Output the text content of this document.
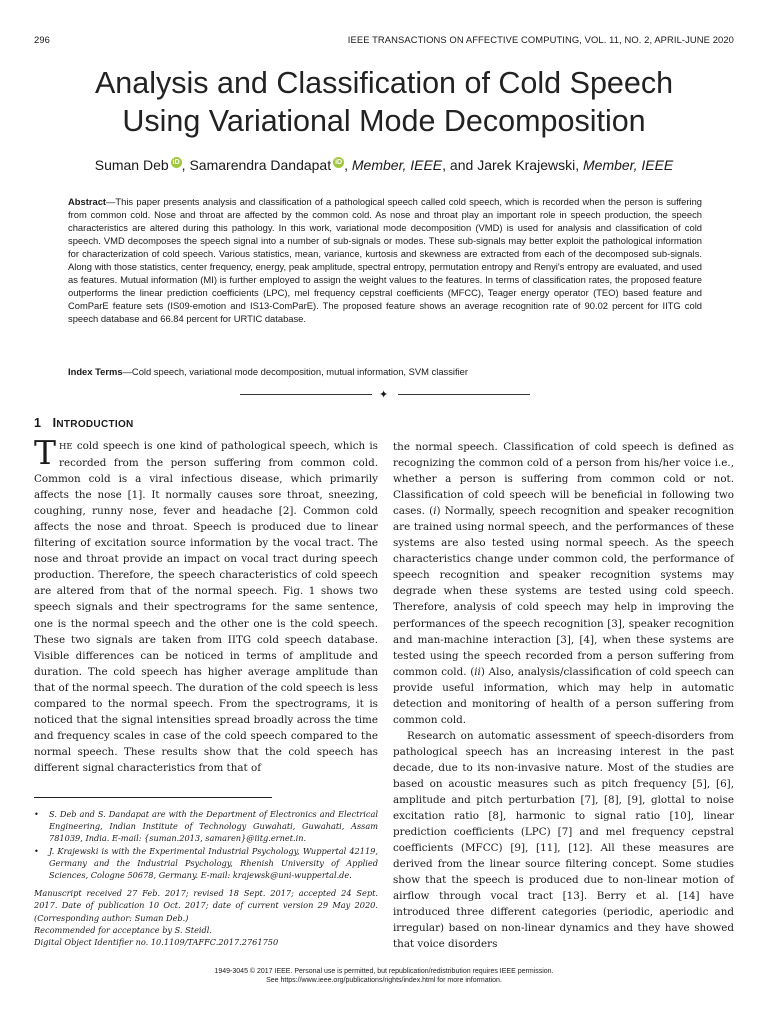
296	IEEE TRANSACTIONS ON AFFECTIVE COMPUTING, VOL. 11, NO. 2, APRIL-JUNE 2020
Analysis and Classification of Cold Speech
Using Variational Mode Decomposition
Suman Deb iD , Samarendra Dandapat iD , Member, IEEE, and Jarek Krajewski, Member, IEEE

Abstract—This paper presents analysis and classification of a pathological speech called cold speech, which is recorded when the person is suffering from common cold. Nose and throat are affected by the common cold. As nose and throat play an important role in speech production, the speech characteristics are altered during this pathology. In this work, variational mode decomposition (VMD) is used for analysis and classification of cold speech. VMD decomposes the speech signal into a number of sub-signals or modes. These sub-signals may better exploit the pathological information for characterization of cold speech. Various statistics, mean, variance, kurtosis and skewness are extracted from each of the decomposed sub-signals. Along with those statistics, center frequency, energy, peak amplitude, spectral entropy, permutation entropy and Renyi's entropy are evaluated, and used as features. Mutual information (MI) is further employed to assign the weight values to the features. In terms of classification rates, the proposed feature outperforms the linear prediction coefficients (LPC), mel frequency cepstral coefficients (MFCC), Teager energy operator (TEO) based feature and ComParE feature sets (IS09-emotion and IS13-ComParE). The proposed feature shows an average recognition rate of 90.02 percent for IITG cold speech database and 66.84 percent for URTIC database.

Index Terms—Cold speech, variational mode decomposition, mutual information, SVM classifier

✦
1 INTRODUCTION

THE cold speech is one kind of pathological speech, which is recorded from the person suffering from common cold. Common cold is a viral infectious disease, which primarily affects the nose [1]. It normally causes sore throat, sneezing, coughing, runny nose, fever and headache [2]. Common cold affects the nose and throat. Speech is produced due to linear filtering of excitation source information by the vocal tract. The nose and throat provide an impact on vocal tract during speech production. Therefore, the speech characteristics of cold speech are altered from that of the normal speech. Fig. 1 shows two speech signals and their spectrograms for the same sentence, one is the normal speech and the other one is the cold speech. These two signals are taken from IITG cold speech database. Visible differences can be noticed in terms of amplitude and duration. The cold speech has higher average amplitude than that of the normal speech. The duration of the cold speech is less compared to the normal speech. From the spectrograms, it is noticed that the signal intensities spread broadly across the time and frequency scales in case of the cold speech compared to the normal speech. These results show that the cold speech has different signal characteristics from that of

• S. Deb and S. Dandapat are with the Department of Electronics and Electrical Engineering, Indian Institute of Technology Guwahati, Guwahati, Assam 781039, India. E-mail: {suman.2013, samaren}@iitg.ernet.in.
• J. Krajewski is with the Experimental Industrial Psychology, Wuppertal 42119, Germany and the Industrial Psychology, Rhenish University of Applied Sciences, Cologne 50678, Germany. E-mail: krajewsk@uni-wuppertal.de.
Manuscript received 27 Feb. 2017; revised 18 Sept. 2017; accepted 24 Sept. 2017. Date of publication 10 Oct. 2017; date of current version 29 May 2020. (Corresponding author: Suman Deb.)
Recommended for acceptance by S. Steidl.
Digital Object Identifier no. 10.1109/TAFFC.2017.2761750

the normal speech. Classification of cold speech is defined as recognizing the common cold of a person from his/her voice i.e., whether a person is suffering from common cold or not. Classification of cold speech will be beneficial in following two cases. (i) Normally, speech recognition and speaker recognition are trained using normal speech, and the performances of these systems are also tested using normal speech. As the speech characteristics change under common cold, the performance of speech recognition and speaker recognition systems may degrade when these systems are tested using cold speech. Therefore, analysis of cold speech may help in improving the performances of the speech recognition [3], speaker recognition and man-machine interaction [3], [4], when these systems are tested using the speech recorded from a person suffering from common cold. (ii) Also, analysis/classification of cold speech can provide useful information, which may help in automatic detection and monitoring of health of a person suffering from common cold.
Research on automatic assessment of speech-disorders from pathological speech has an increasing interest in the past decade, due to its non-invasive nature. Most of the studies are based on acoustic measures such as pitch frequency [5], [6], amplitude and pitch perturbation [7], [8], [9], glottal to noise excitation ratio [8], harmonic to signal ratio [10], linear prediction coefficients (LPC) [7] and mel frequency cepstral coefficients (MFCC) [9], [11], [12]. All these measures are derived from the linear source filtering concept. Some studies show that the speech is produced due to non-linear motion of airflow through vocal tract [13]. Berry et al. [14] have introduced three different categories (periodic, aperiodic and irregular) based on non-linear dynamics and they have showed that voice disorders

1949-3045 © 2017 IEEE. Personal use is permitted, but republication/redistribution requires IEEE permission.
See https://www.ieee.org/publications/rights/index.html for more information.
